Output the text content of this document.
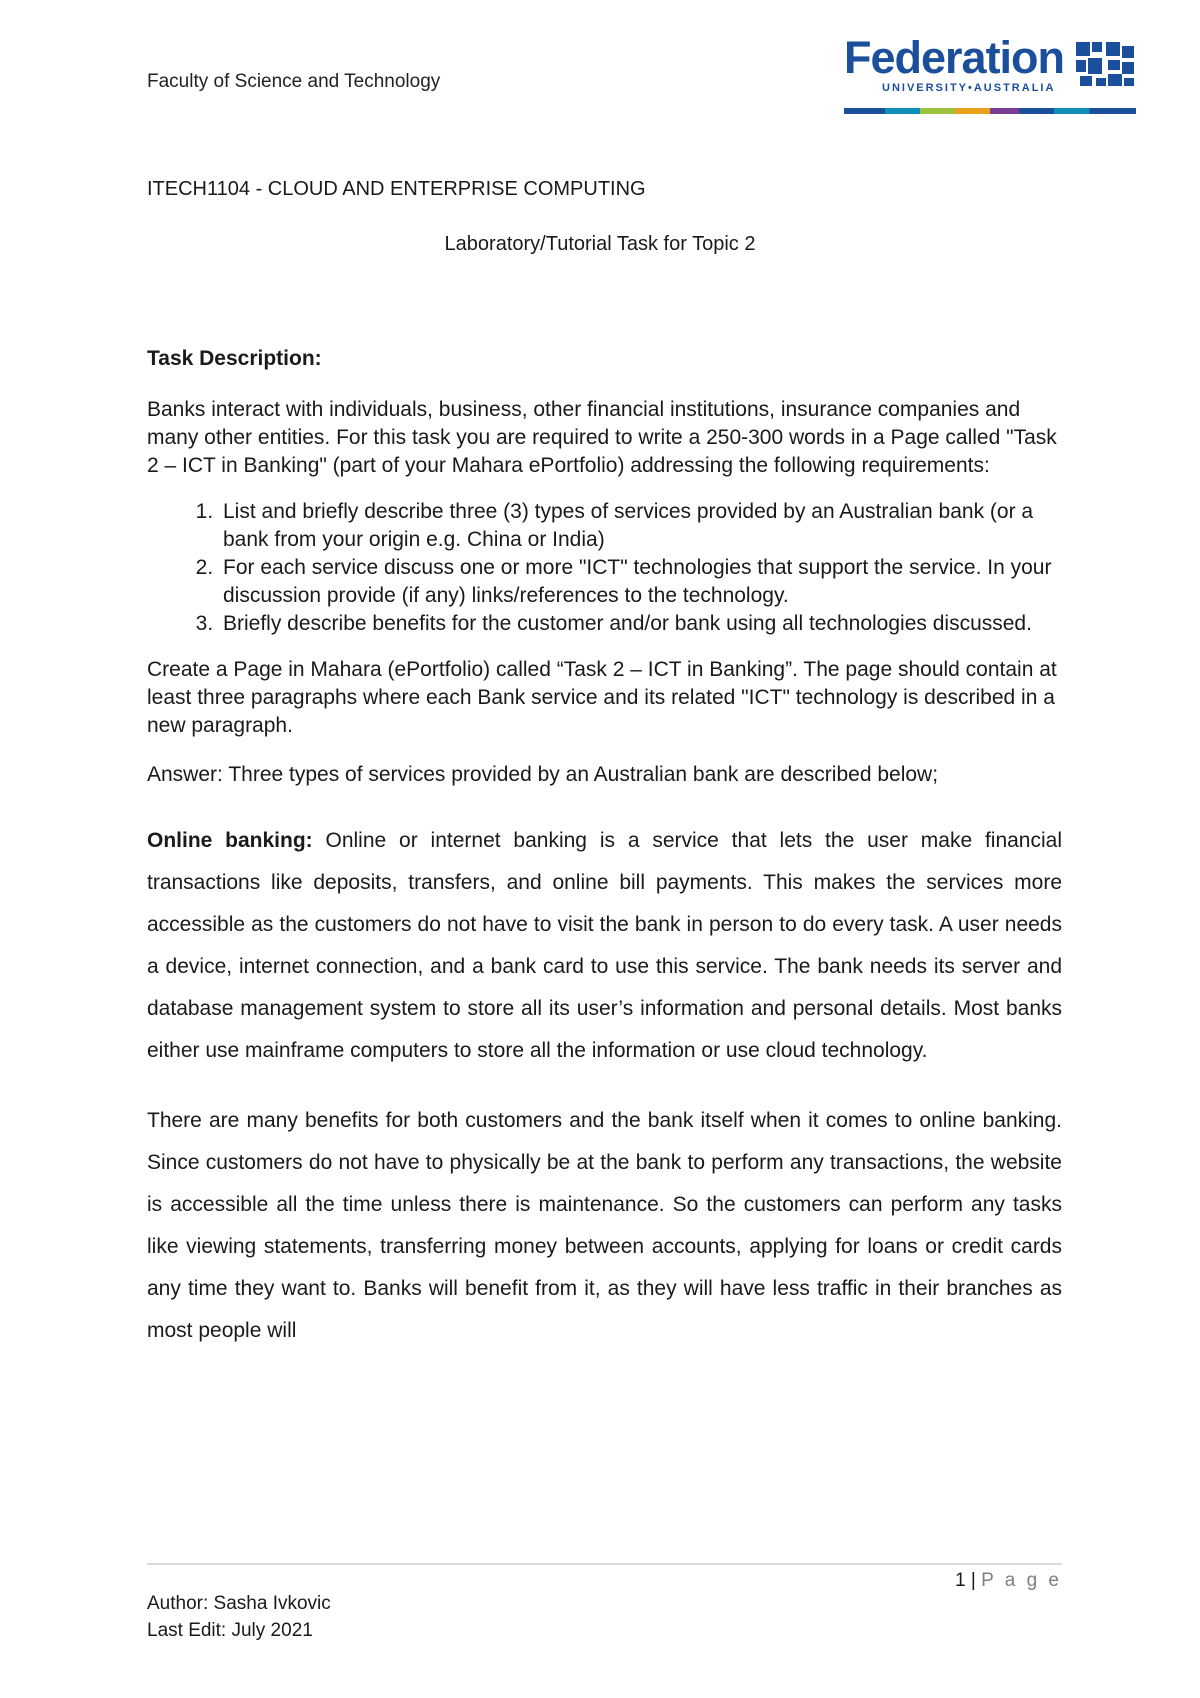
Faculty of Science and Technology	Federation
UNIVERSITY•AUSTRALIA
ITECH1104 - CLOUD AND ENTERPRISE COMPUTING
Laboratory/Tutorial Task for Topic 2

Task Description:

Banks interact with individuals, business, other financial institutions, insurance companies and many other entities. For this task you are required to write a 250-300 words in a Page called "Task 2 – ICT in Banking" (part of your Mahara ePortfolio) addressing the following requirements:

1. List and briefly describe three (3) types of services provided by an Australian bank (or a bank from your origin e.g. China or India)
2. For each service discuss one or more "ICT" technologies that support the service. In your discussion provide (if any) links/references to the technology.
3. Briefly describe benefits for the customer and/or bank using all technologies discussed.

Create a Page in Mahara (ePortfolio) called “Task 2 – ICT in Banking”. The page should contain at least three paragraphs where each Bank service and its related "ICT" technology is described in a new paragraph.

Answer: Three types of services provided by an Australian bank are described below;

Online banking: Online or internet banking is a service that lets the user make financial transactions like deposits, transfers, and online bill payments. This makes the services more accessible as the customers do not have to visit the bank in person to do every task. A user needs a device, internet connection, and a bank card to use this service. The bank needs its server and database management system to store all its user’s information and personal details. Most banks either use mainframe computers to store all the information or use cloud technology.

There are many benefits for both customers and the bank itself when it comes to online banking. Since customers do not have to physically be at the bank to perform any transactions, the website is accessible all the time unless there is maintenance. So the customers can perform any tasks like viewing statements, transferring money between accounts, applying for loans or credit cards any time they want to. Banks will benefit from it, as they will have less traffic in their branches as most people will

1 | P a g e
Author: Sasha Ivkovic
Last Edit: July 2021
